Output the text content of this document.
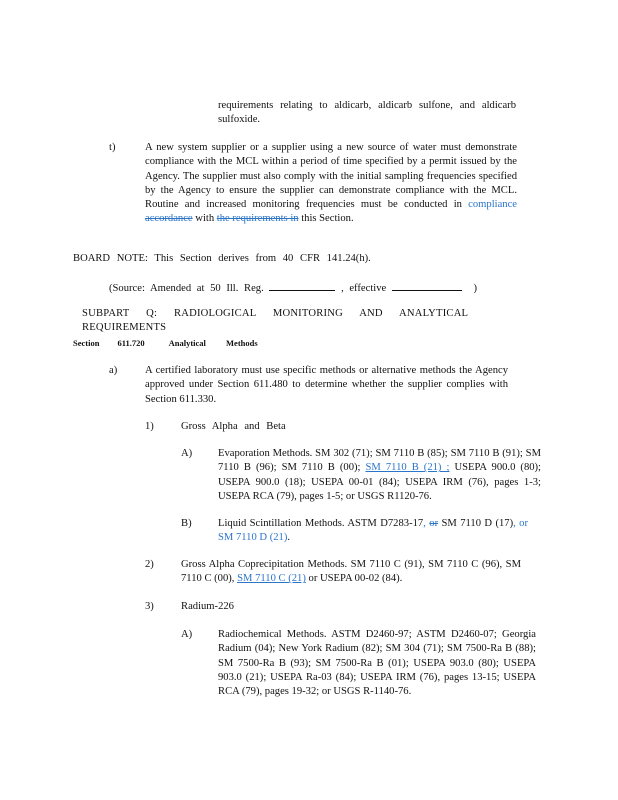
requirements relating to aldicarb, aldicarb sulfone, and aldicarb sulfoxide.

t)	A new system supplier or a supplier using a new source of water must demonstrate compliance with the MCL within a period of time specified by a permit issued by the Agency. The supplier must also comply with the initial sampling frequencies specified by the Agency to ensure the supplier can demonstrate compliance with the MCL. Routine and increased monitoring frequencies must be conducted in compliance accordance with the requirements in this Section.

BOARD NOTE: This Section derives from 40 CFR 141.24(h).

(Source: Amended at 50 Ill. Reg.	, effective	)

SUBPART Q: RADIOLOGICAL MONITORING AND ANALYTICAL REQUIREMENTS

Section 611.720	Analytical Methods

a)	A certified laboratory must use specific methods or alternative methods the Agency approved under Section 611.480 to determine whether the supplier complies with Section 611.330.

1)	Gross Alpha and Beta

A) Evaporation Methods. SM 302 (71); SM 7110 B (85); SM 7110 B (91); SM 7110 B (96); SM 7110 B (00); SM 7110 B (21) ; USEPA 900.0 (80); USEPA 900.0 (18); USEPA 00-01 (84); USEPA IRM (76), pages 1-3; USEPA RCA (79), pages 1-5; or USGS R1120-76.

B) Liquid Scintillation Methods. ASTM D7283-17, or SM 7110 D (17), or SM 7110 D (21).

2)	Gross Alpha Coprecipitation Methods. SM 7110 C (91), SM 7110 C (96), SM 7110 C (00), SM 7110 C (21) or USEPA 00-02 (84).

3)	Radium-226

A) Radiochemical Methods. ASTM D2460-97; ASTM D2460-07; Georgia Radium (04); New York Radium (82); SM 304 (71); SM 7500-Ra B (88); SM 7500-Ra B (93); SM 7500-Ra B (01); USEPA 903.0 (80); USEPA 903.0 (21); USEPA Ra-03 (84); USEPA IRM (76), pages 13-15; USEPA RCA (79), pages 19-32; or USGS R-1140-76.
